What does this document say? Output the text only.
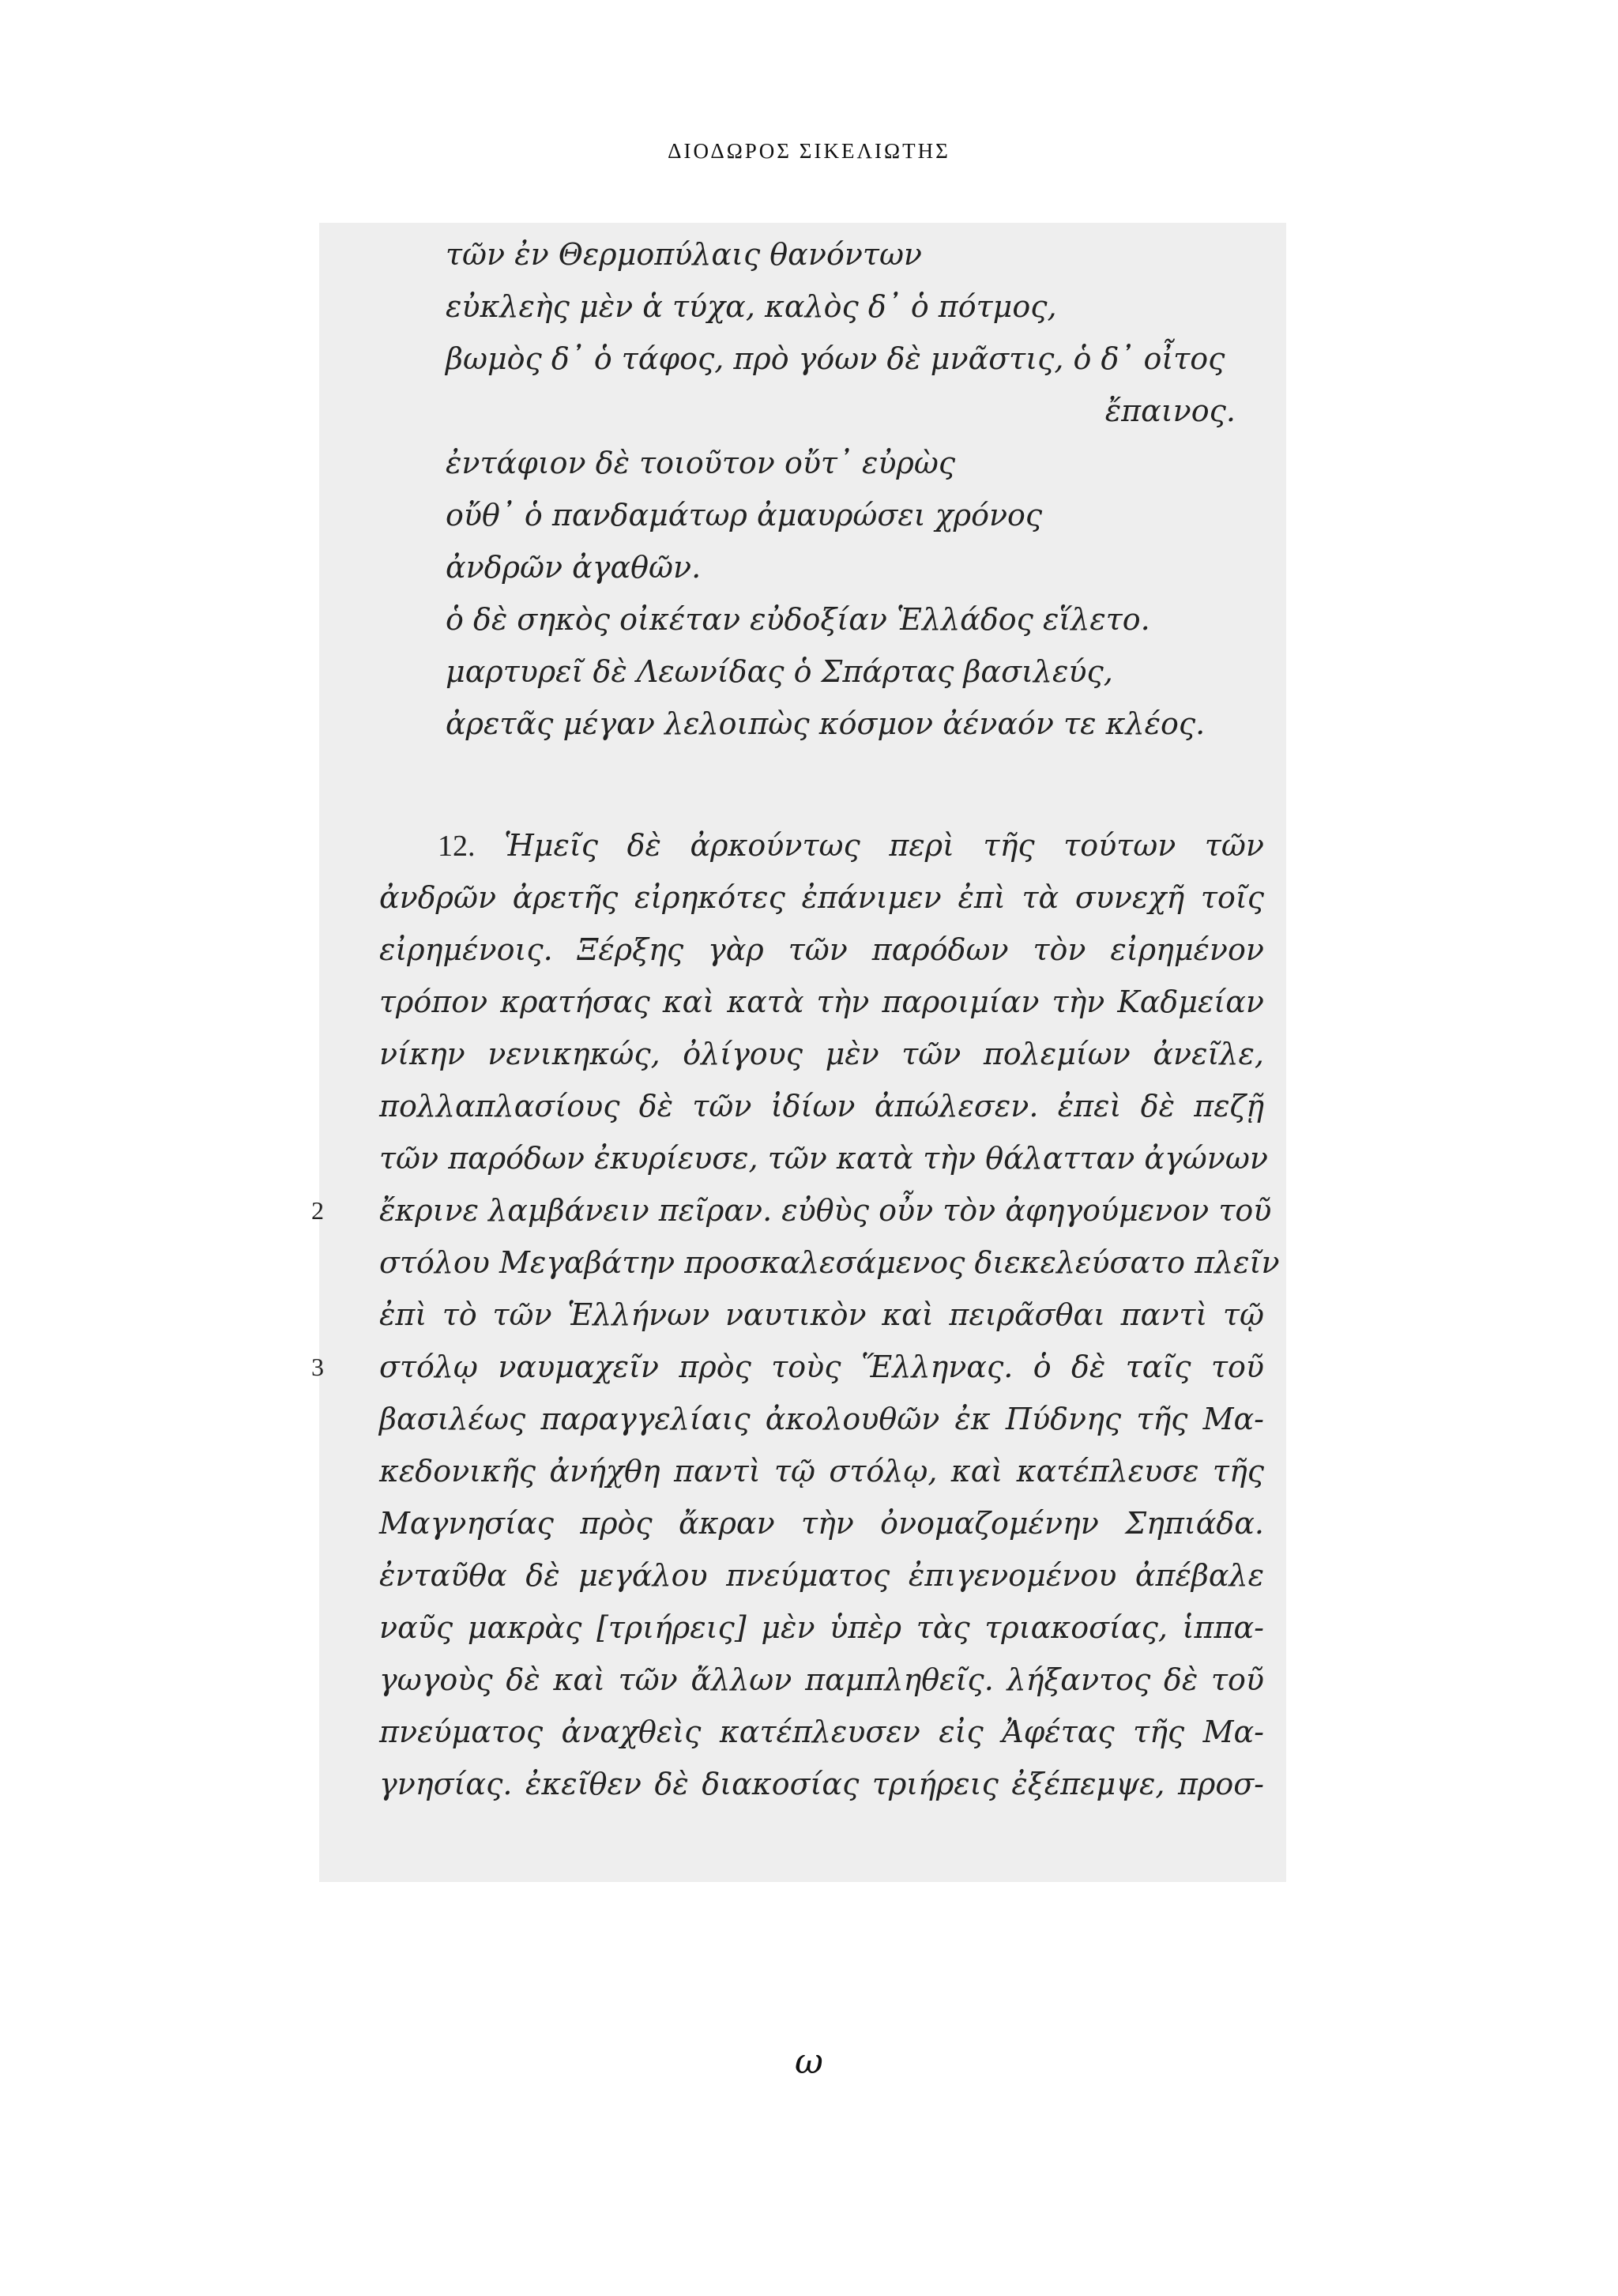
ΔΙΟΔΩΡΟΣ ΣΙΚΕΛΙΩΤΗΣ
τῶν ἐν Θερμοπύλαις θανόντων
εὐκλεὴς μὲν ἁ τύχα, καλὸς δ᾽ ὁ πότμος,
βωμὸς δ᾽ ὁ τάφος, πρὸ γόων δὲ μνᾶστις, ὁ δ᾽ οἶτος
ἔπαινος.
ἐντάφιον δὲ τοιοῦτον οὔτ᾽ εὐρὼς
οὔθ᾽ ὁ πανδαμάτωρ ἀμαυρώσει χρόνος
ἀνδρῶν ἀγαθῶν.
ὁ δὲ σηκὸς οἰκέταν εὐδοξίαν Ἑλλάδος εἵλετο.
μαρτυρεῖ δὲ Λεωνίδας ὁ Σπάρτας βασιλεύς,
ἀρετᾶς μέγαν λελοιπὼς κόσμον ἀέναόν τε κλέος.
12. Ἡμεῖς δὲ ἀρκούντως περὶ τῆς τούτων τῶν
ἀνδρῶν ἀρετῆς εἰρηκότες ἐπάνιμεν ἐπὶ τὰ συνεχῆ τοῖς
εἰρημένοις. Ξέρξης γὰρ τῶν παρόδων τὸν εἰρημένον
τρόπον κρατήσας καὶ κατὰ τὴν παροιμίαν τὴν Καδμείαν
νίκην νενικηκώς, ὀλίγους μὲν τῶν πολεμίων ἀνεῖλε,
πολλαπλασίους δὲ τῶν ἰδίων ἀπώλεσεν. ἐπεὶ δὲ πεζῇ
τῶν παρόδων ἐκυρίευσε, τῶν κατὰ τὴν θάλατταν ἀγώνων
2 ἔκρινε λαμβάνειν πεῖραν. εὐθὺς οὖν τὸν ἀφηγούμενον τοῦ
στόλου Μεγαβάτην προσκαλεσάμενος διεκελεύσατο πλεῖν
ἐπὶ τὸ τῶν Ἑλλήνων ναυτικὸν καὶ πειρᾶσθαι παντὶ τῷ
3 στόλῳ ναυμαχεῖν πρὸς τοὺς Ἕλληνας. ὁ δὲ ταῖς τοῦ
βασιλέως παραγγελίαις ἀκολουθῶν ἐκ Πύδνης τῆς Μα-
κεδονικῆς ἀνήχθη παντὶ τῷ στόλῳ, καὶ κατέπλευσε τῆς
Μαγνησίας πρὸς ἄκραν τὴν ὀνομαζομένην Σηπιάδα.
ἐνταῦθα δὲ μεγάλου πνεύματος ἐπιγενομένου ἀπέβαλε
ναῦς μακρὰς [τριήρεις] μὲν ὑπὲρ τὰς τριακοσίας, ἱππα-
γωγοὺς δὲ καὶ τῶν ἄλλων παμπληθεῖς. λήξαντος δὲ τοῦ
πνεύματος ἀναχθεὶς κατέπλευσεν εἰς Ἀφέτας τῆς Μα-
γνησίας. ἐκεῖθεν δὲ διακοσίας τριήρεις ἐξέπεμψε, προσ-
ω
